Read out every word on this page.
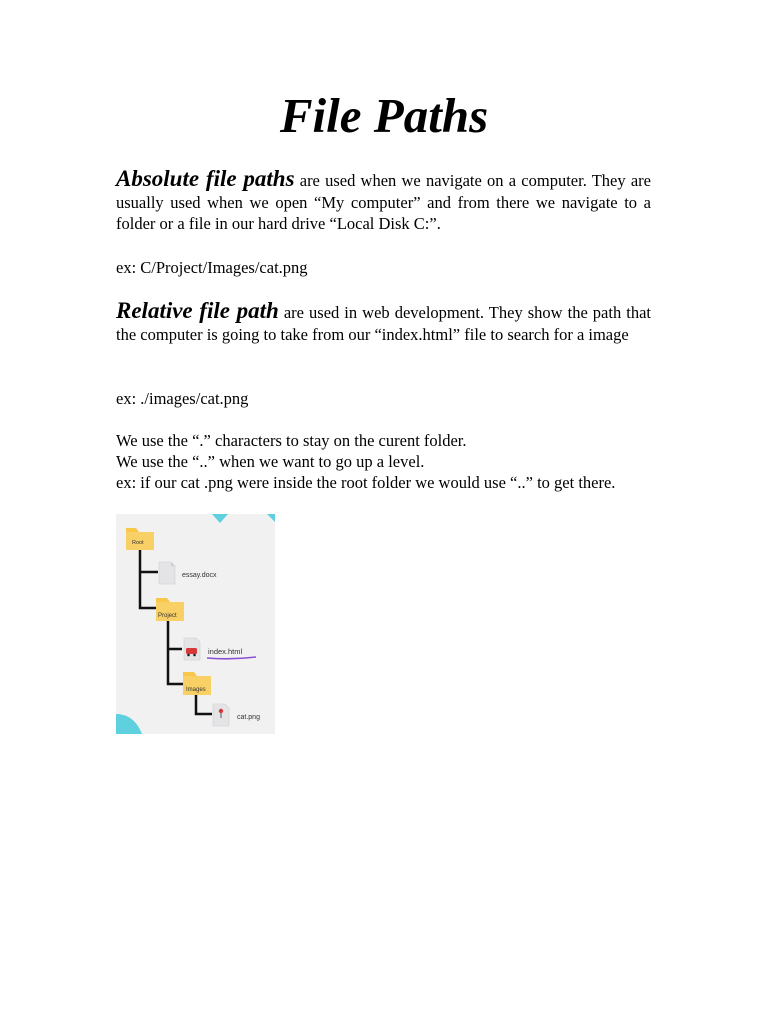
File Paths

Absolute file paths are used when we navigate on a computer. They are usually used when we open “My computer” and from there we navigate to a folder or a file in our hard drive “Local Disk C:”.

ex: C/Project/Images/cat.png

Relative file path are used in web development. They show the path that the computer is going to take from our “index.html” file to search for a image

ex: ./images/cat.png

We use the “.” characters to stay on the curent folder.

We use the “..” when we want to go up a level.

ex: if our cat .png were inside the root folder we would use “..” to get there.

Root
essay.docx
Project
index.html
Images
cat.png
